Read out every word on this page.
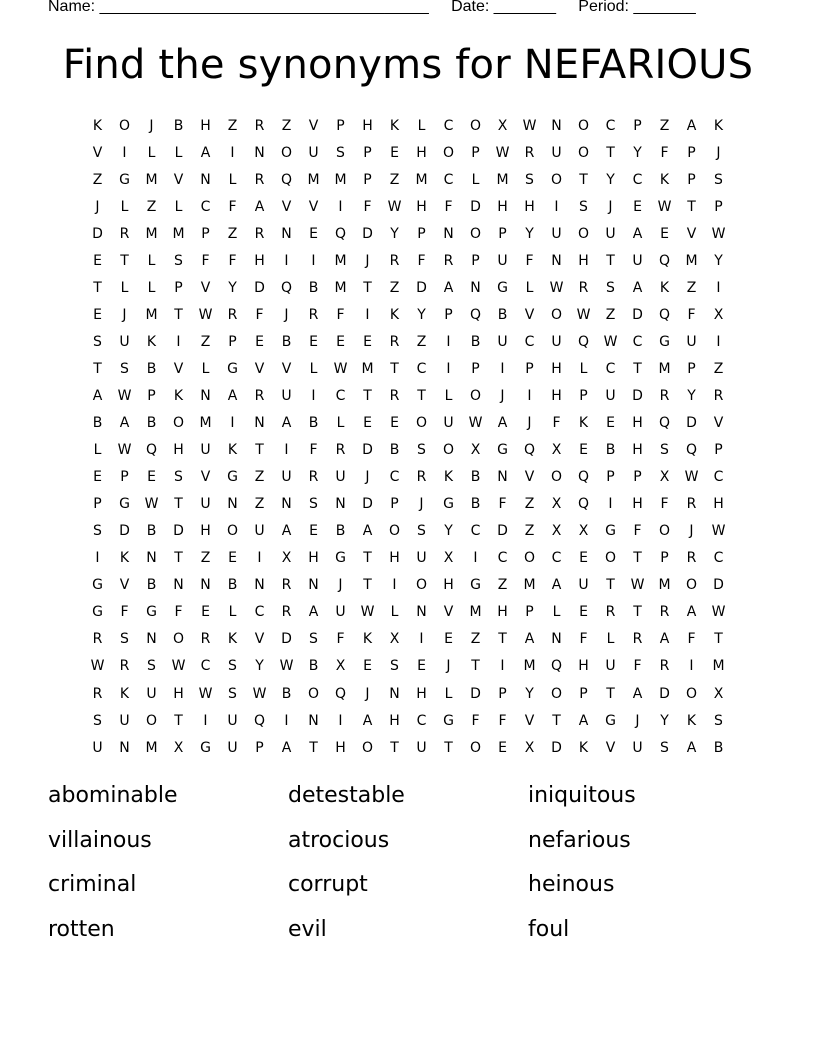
Name: _____________________________________ Date: _______ Period: _______
Find the synonyms for NEFARIOUS
K	O	J	B	H	Z	R	Z	V	P	H	K	L	C	O	X	W	N	O	C	P	Z	A	K
V	I	L	L	A	I	N	O	U	S	P	E	H	O	P	W	R	U	O	T	Y	F	P	J
Z	G	M	V	N	L	R	Q	M	M	P	Z	M	C	L	M	S	O	T	Y	C	K	P	S
J	L	Z	L	C	F	A	V	V	I	F	W	H	F	D	H	H	I	S	J	E	W	T	P
D	R	M	M	P	Z	R	N	E	Q	D	Y	P	N	O	P	Y	U	O	U	A	E	V	W
E	T	L	S	F	F	H	I	I	M	J	R	F	R	P	U	F	N	H	T	U	Q	M	Y
T	L	L	P	V	Y	D	Q	B	M	T	Z	D	A	N	G	L	W	R	S	A	K	Z	I
E	J	M	T	W	R	F	J	R	F	I	K	Y	P	Q	B	V	O	W	Z	D	Q	F	X
S	U	K	I	Z	P	E	B	E	E	E	R	Z	I	B	U	C	U	Q	W	C	G	U	I
T	S	B	V	L	G	V	V	L	W	M	T	C	I	P	I	P	H	L	C	T	M	P	Z
A	W	P	K	N	A	R	U	I	C	T	R	T	L	O	J	I	H	P	U	D	R	Y	R
B	A	B	O	M	I	N	A	B	L	E	E	O	U	W	A	J	F	K	E	H	Q	D	V
L	W	Q	H	U	K	T	I	F	R	D	B	S	O	X	G	Q	X	E	B	H	S	Q	P
E	P	E	S	V	G	Z	U	R	U	J	C	R	K	B	N	V	O	Q	P	P	X	W	C
P	G	W	T	U	N	Z	N	S	N	D	P	J	G	B	F	Z	X	Q	I	H	F	R	H
S	D	B	D	H	O	U	A	E	B	A	O	S	Y	C	D	Z	X	X	G	F	O	J	W
I	K	N	T	Z	E	I	X	H	G	T	H	U	X	I	C	O	C	E	O	T	P	R	C
G	V	B	N	N	B	N	R	N	J	T	I	O	H	G	Z	M	A	U	T	W	M	O	D
G	F	G	F	E	L	C	R	A	U	W	L	N	V	M	H	P	L	E	R	T	R	A	W
R	S	N	O	R	K	V	D	S	F	K	X	I	E	Z	T	A	N	F	L	R	A	F	T
W	R	S	W	C	S	Y	W	B	X	E	S	E	J	T	I	M	Q	H	U	F	R	I	M
R	K	U	H	W	S	W	B	O	Q	J	N	H	L	D	P	Y	O	P	T	A	D	O	X
S	U	O	T	I	U	Q	I	N	I	A	H	C	G	F	F	V	T	A	G	J	Y	K	S
U	N	M	X	G	U	P	A	T	H	O	T	U	T	O	E	X	D	K	V	U	S	A	B
abominable	detestable	iniquitous
villainous	atrocious	nefarious
criminal	corrupt	heinous
rotten	evil	foul
